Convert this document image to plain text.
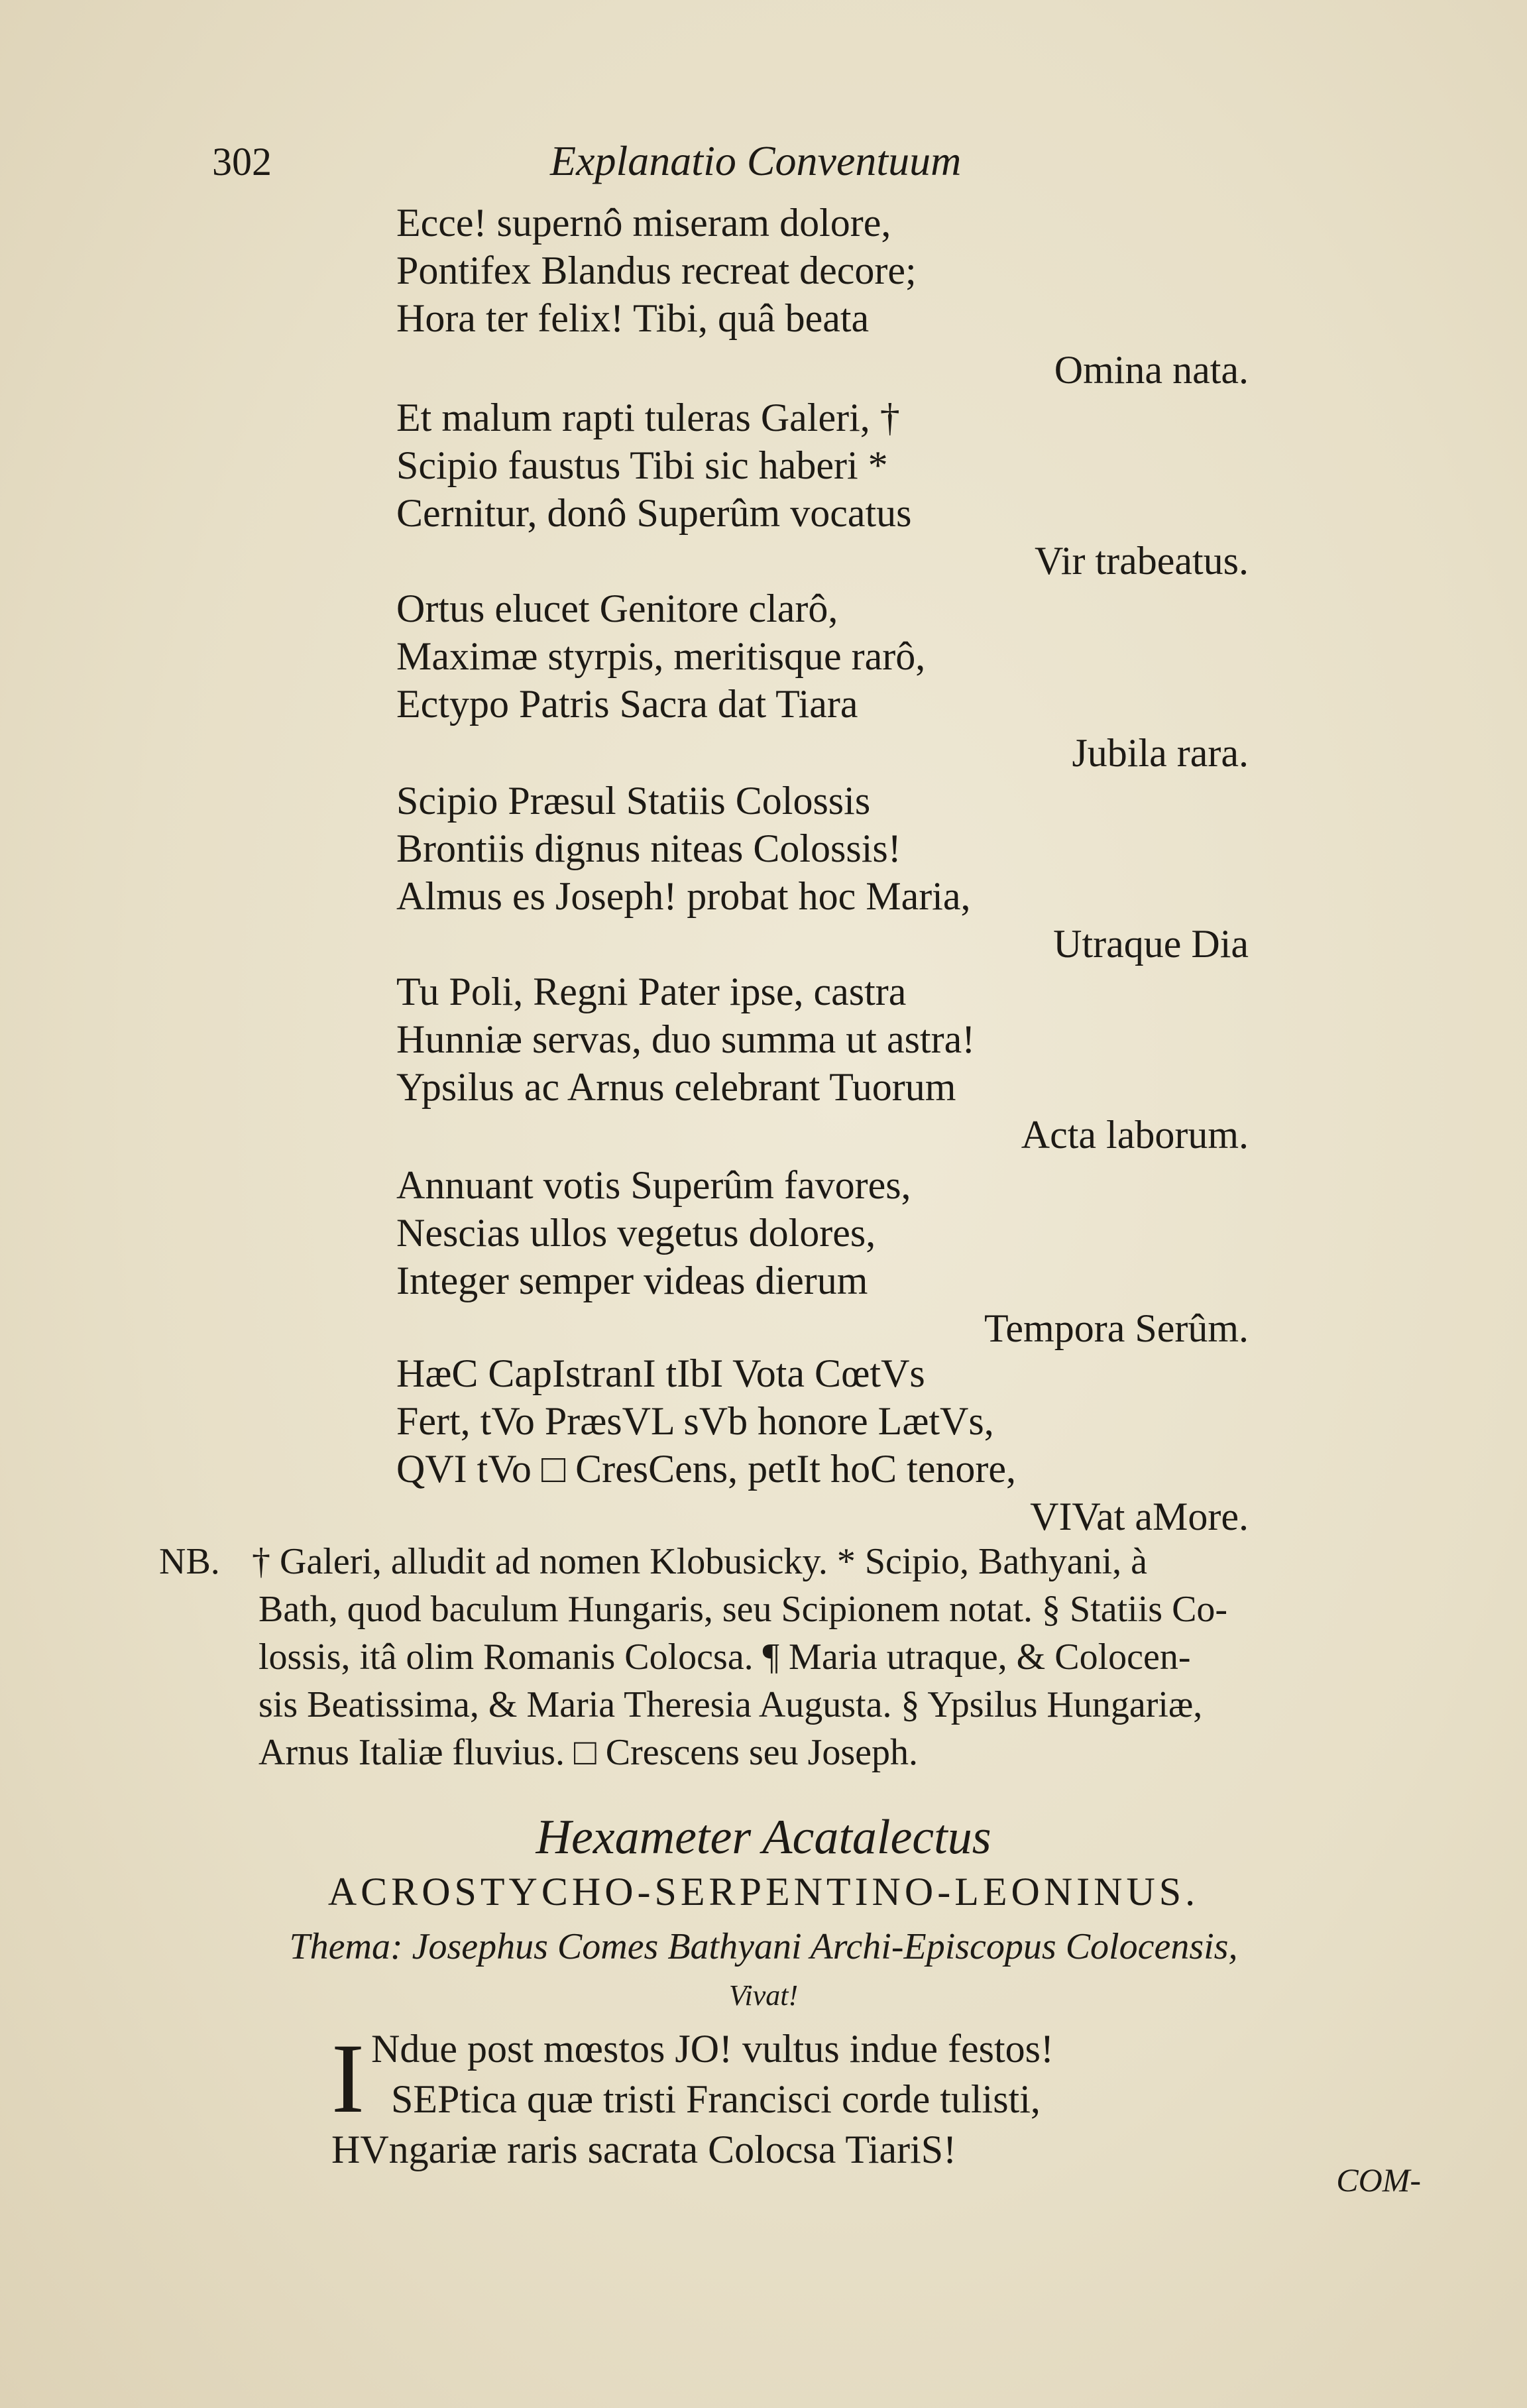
302	Explanatio Conventuum
Ecce! supernô miseram dolore,
Pontifex Blandus recreat decore;
Hora ter felix! Tibi, quâ beata
Omina nata.
Et malum rapti tuleras Galeri, †
Scipio faustus Tibi sic haberi *
Cernitur, donô Superûm vocatus
Vir trabeatus.
Ortus elucet Genitore clarô,
Maximæ styrpis, meritisque rarô,
Ectypo Patris Sacra dat Tiara
Jubila rara.
Scipio Præsul Statiis Colossis
Brontiis dignus niteas Colossis!
Almus es Joseph! probat hoc Maria,
Utraque Dia
Tu Poli, Regni Pater ipse, castra
Hunniæ servas, duo summa ut astra!
Ypsilus ac Arnus celebrant Tuorum
Acta laborum.
Annuant votis Superûm favores,
Nescias ullos vegetus dolores,
Integer semper videas dierum
Tempora Serûm.
HæC CapIstranI tIbI Vota CœtVs
Fert, tVo PræsVL sVb honore LætVs,
QVI tVo □ CresCens, petIt hoC tenore,
VIVat aMore.
NB. † Galeri, alludit ad nomen Klobusicky. * Scipio, Bathyani, à
Bath, quod baculum Hungaris, seu Scipionem notat. § Statiis Co-
lossis, itâ olim Romanis Colocsa. ¶ Maria utraque, & Colocen-
sis Beatissima, & Maria Theresia Augusta. § Ypsilus Hungariæ,
Arnus Italiæ fluvius. □ Crescens seu Joseph.
Hexameter Acatalectus
ACROSTYCHO-SERPENTINO-LEONINUS.
Thema: Josephus Comes Bathyani Archi-Episcopus Colocensis,
Vivat!
I Ndue post mœstos JO! vultus indue festos!
SEPtica quæ tristi Francisci corde tulisti,
HVngariæ raris sacrata Colocsa TiariS!
COM-
